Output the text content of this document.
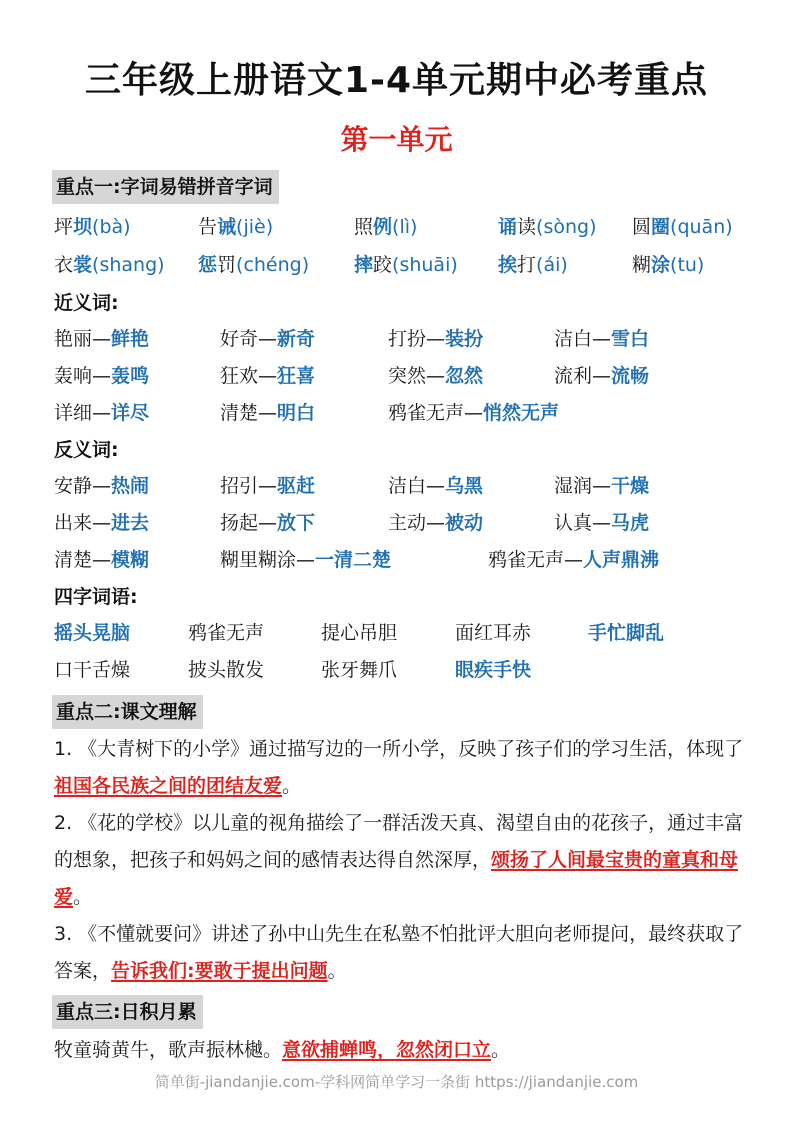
三年级上册语文1-4单元期中必考重点
第一单元
重点一:字词易错拼音字词
坪坝(bà)	告诫(jiè)	照例(lì)	诵读(sòng) 圆圈(quān)
衣裳(shang) 惩罚(chéng) 摔跤(shuāi) 挨打(ái)	糊涂(tu)
近义词:
艳丽—鲜艳	好奇—新奇	打扮—装扮	洁白—雪白
轰响—轰鸣	狂欢—狂喜	突然—忽然	流利—流畅
详细—详尽	清楚—明白	鸦雀无声—悄然无声
反义词:
安静—热闹	招引—驱赶	洁白—乌黑	湿润—干燥
出来—进去	扬起—放下	主动—被动	认真—马虎
清楚—模糊	糊里糊涂—一清二楚	鸦雀无声—人声鼎沸
四字词语:
摇头晃脑	鸦雀无声	提心吊胆	面红耳赤	手忙脚乱
口干舌燥	披头散发	张牙舞爪	眼疾手快
重点二:课文理解
1. 《大青树下的小学》通过描写边的一所小学，反映了孩子们的学习生活，体现了祖国各民族之间的团结友爱。
2. 《花的学校》以儿童的视角描绘了一群活泼天真、渴望自由的花孩子，通过丰富的想象，把孩子和妈妈之间的感情表达得自然深厚，颂扬了人间最宝贵的童真和母爱。
3. 《不懂就要问》讲述了孙中山先生在私塾不怕批评大胆向老师提问，最终获取了答案，告诉我们:要敢于提出问题。
重点三:日积月累
牧童骑黄牛，歌声振林樾。意欲捕蝉鸣，忽然闭口立。
简单街-jiandanjie.com-学科网简单学习一条街 https://jiandanjie.com
